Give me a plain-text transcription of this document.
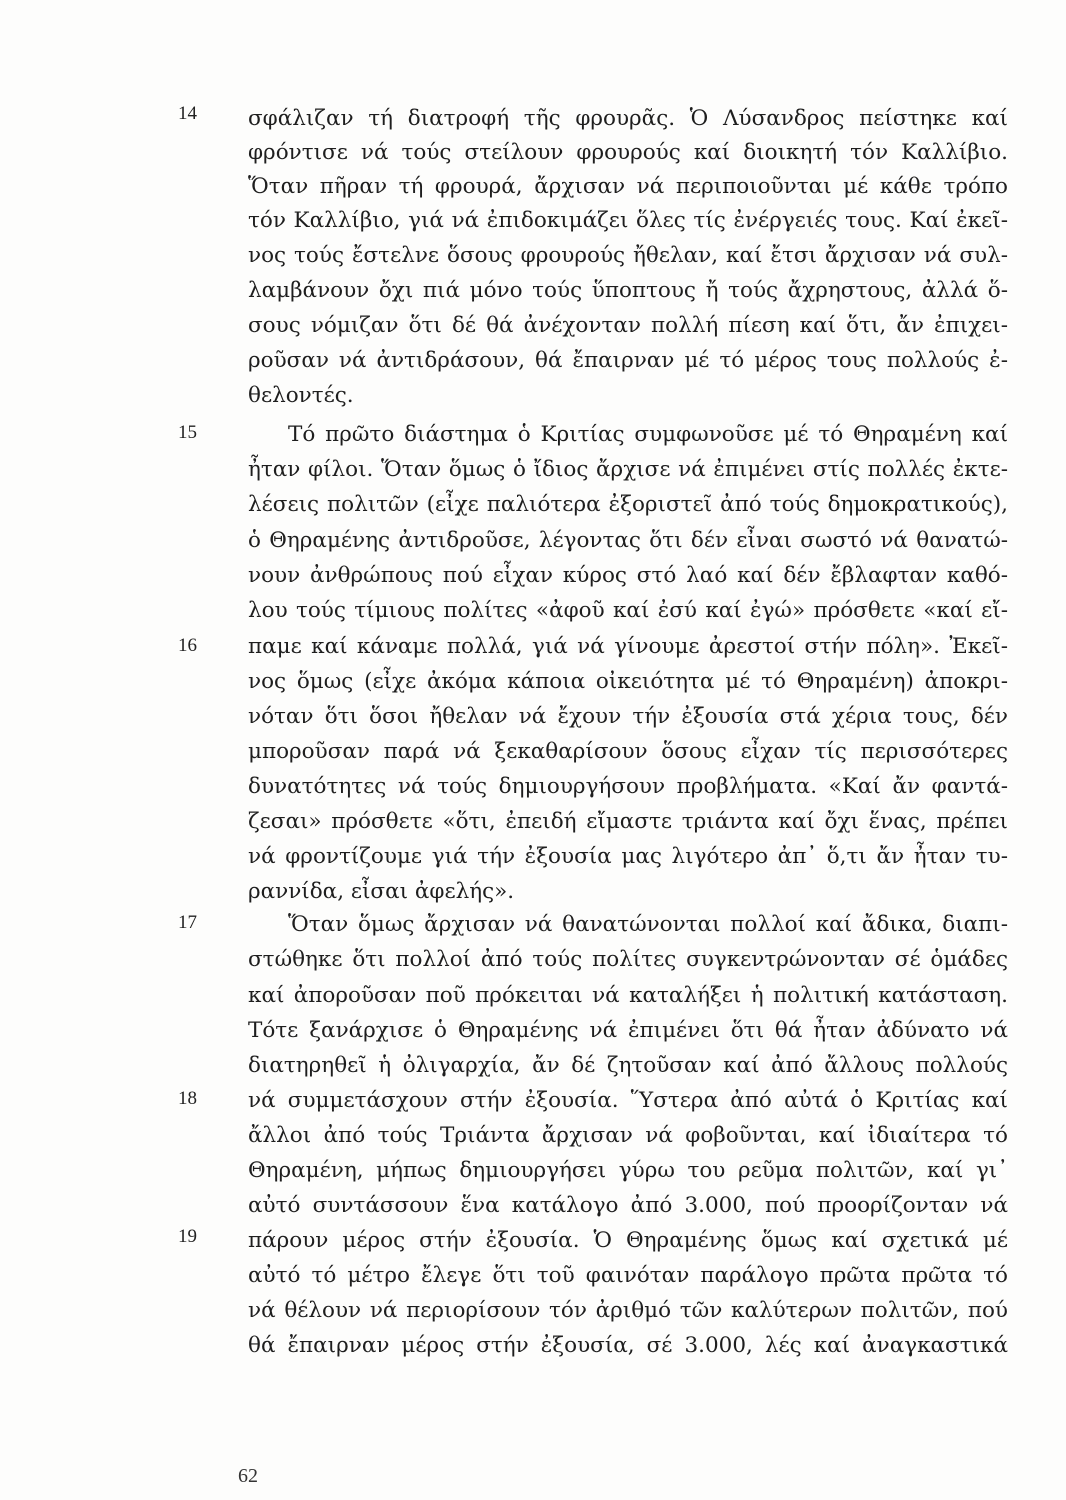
14
15
16
17
18
19
σφάλιζαν τή διατροφή τῆς φρουρᾶς. Ὁ Λύσανδρος πείστηκε καί
φρόντισε νά τούς στείλουν φρουρούς καί διοικητή τόν Καλλίβιο.
Ὅταν πῆραν τή φρουρά, ἄρχισαν νά περιποιοῦνται μέ κάθε τρόπο
τόν Καλλίβιο, γιά νά ἐπιδοκιμάζει ὅλες τίς ἐνέργειές τους. Καί ἐκεῖ-
νος τούς ἔστελνε ὅσους φρουρούς ἤθελαν, καί ἔτσι ἄρχισαν νά συλ-
λαμβάνουν ὄχι πιά μόνο τούς ὕποπτους ἤ τούς ἄχρηστους, ἀλλά ὅ-
σους νόμιζαν ὅτι δέ θά ἀνέχονταν πολλή πίεση καί ὅτι, ἄν ἐπιχει-
ροῦσαν νά ἀντιδράσουν, θά ἔπαιρναν μέ τό μέρος τους πολλούς ἐ-
θελοντές.
Τό πρῶτο διάστημα ὁ Κριτίας συμφωνοῦσε μέ τό Θηραμένη καί
ἦταν φίλοι. Ὅταν ὅμως ὁ ἴδιος ἄρχισε νά ἐπιμένει στίς πολλές ἐκτε-
λέσεις πολιτῶν (εἶχε παλιότερα ἐξοριστεῖ ἀπό τούς δημοκρατικούς),
ὁ Θηραμένης ἀντιδροῦσε, λέγοντας ὅτι δέν εἶναι σωστό νά θανατώ-
νουν ἀνθρώπους πού εἶχαν κύρος στό λαό καί δέν ἔβλαφταν καθό-
λου τούς τίμιους πολίτες «ἀφοῦ καί ἐσύ καί ἐγώ» πρόσθετε «καί εἴ-
παμε καί κάναμε πολλά, γιά νά γίνουμε ἀρεστοί στήν πόλη». Ἐκεῖ-
νος ὅμως (εἶχε ἀκόμα κάποια οἰκειότητα μέ τό Θηραμένη) ἀποκρι-
νόταν ὅτι ὅσοι ἤθελαν νά ἔχουν τήν ἐξουσία στά χέρια τους, δέν
μποροῦσαν παρά νά ξεκαθαρίσουν ὅσους εἶχαν τίς περισσότερες
δυνατότητες νά τούς δημιουργήσουν προβλήματα. «Καί ἄν φαντά-
ζεσαι» πρόσθετε «ὅτι, ἐπειδή εἴμαστε τριάντα καί ὄχι ἕνας, πρέπει
νά φροντίζουμε γιά τήν ἐξουσία μας λιγότερο ἀπ᾿ ὅ,τι ἄν ἦταν τυ-
ραννίδα, εἶσαι ἀφελής».
Ὅταν ὅμως ἄρχισαν νά θανατώνονται πολλοί καί ἄδικα, διαπι-
στώθηκε ὅτι πολλοί ἀπό τούς πολίτες συγκεντρώνονταν σέ ὁμάδες
καί ἀποροῦσαν ποῦ πρόκειται νά καταλήξει ἡ πολιτική κατάσταση.
Τότε ξανάρχισε ὁ Θηραμένης νά ἐπιμένει ὅτι θά ἦταν ἀδύνατο νά
διατηρηθεῖ ἡ ὀλιγαρχία, ἄν δέ ζητοῦσαν καί ἀπό ἄλλους πολλούς
νά συμμετάσχουν στήν ἐξουσία. Ὕστερα ἀπό αὐτά ὁ Κριτίας καί
ἄλλοι ἀπό τούς Τριάντα ἄρχισαν νά φοβοῦνται, καί ἰδιαίτερα τό
Θηραμένη, μήπως δημιουργήσει γύρω του ρεῦμα πολιτῶν, καί γι᾿
αὐτό συντάσσουν ἕνα κατάλογο ἀπό 3.000, πού προορίζονταν νά
πάρουν μέρος στήν ἐξουσία. Ὁ Θηραμένης ὅμως καί σχετικά μέ
αὐτό τό μέτρο ἔλεγε ὅτι τοῦ φαινόταν παράλογο πρῶτα πρῶτα τό
νά θέλουν νά περιορίσουν τόν ἀριθμό τῶν καλύτερων πολιτῶν, πού
θά ἔπαιρναν μέρος στήν ἐξουσία, σέ 3.000, λές καί ἀναγκαστικά
62
